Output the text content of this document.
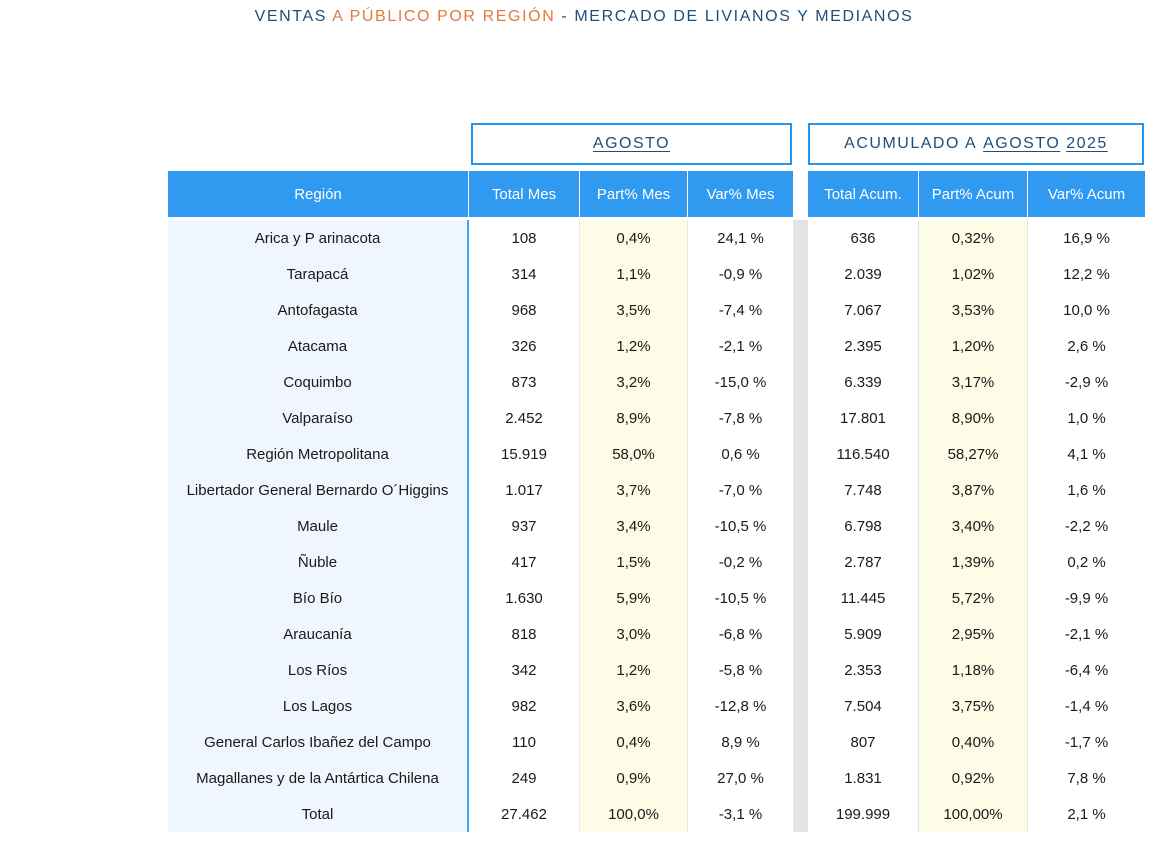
VENTAS A PÚBLICO POR REGIÓN - MERCADO DE LIVIANOS Y MEDIANOS
AGOSTO	ACUMULADO A
AGOSTO
2025
Región	Total Mes	Part% Mes	Var% Mes	Total Acum.	Part% Acum	Var% Acum
Arica y P arinacota	108	0,4%	24,1 %	636	0,32%	16,9 %
Tarapacá	314	1,1%	-0,9 %	2.039	1,02%	12,2 %
Antofagasta	968	3,5%	-7,4 %	7.067	3,53%	10,0 %
Atacama	326	1,2%	-2,1 %	2.395	1,20%	2,6 %
Coquimbo	873	3,2%	-15,0 %	6.339	3,17%	-2,9 %
Valparaíso	2.452	8,9%	-7,8 %	17.801	8,90%	1,0 %
Región Metropolitana	15.919	58,0%	0,6 %	116.540	58,27%	4,1 %
Libertador General Bernardo O´Higgins	1.017	3,7%	-7,0 %	7.748	3,87%	1,6 %
Maule	937	3,4%	-10,5 %	6.798	3,40%	-2,2 %
Ñuble	417	1,5%	-0,2 %	2.787	1,39%	0,2 %
Bío Bío	1.630	5,9%	-10,5 %	11.445	5,72%	-9,9 %
Araucanía	818	3,0%	-6,8 %	5.909	2,95%	-2,1 %
Los Ríos	342	1,2%	-5,8 %	2.353	1,18%	-6,4 %
Los Lagos	982	3,6%	-12,8 %	7.504	3,75%	-1,4 %
General Carlos Ibañez del Campo	110	0,4%	8,9 %	807	0,40%	-1,7 %
Magallanes y de la Antártica Chilena	249	0,9%	27,0 %	1.831	0,92%	7,8 %
Total	27.462	100,0%	-3,1 %	199.999	100,00%	2,1 %
